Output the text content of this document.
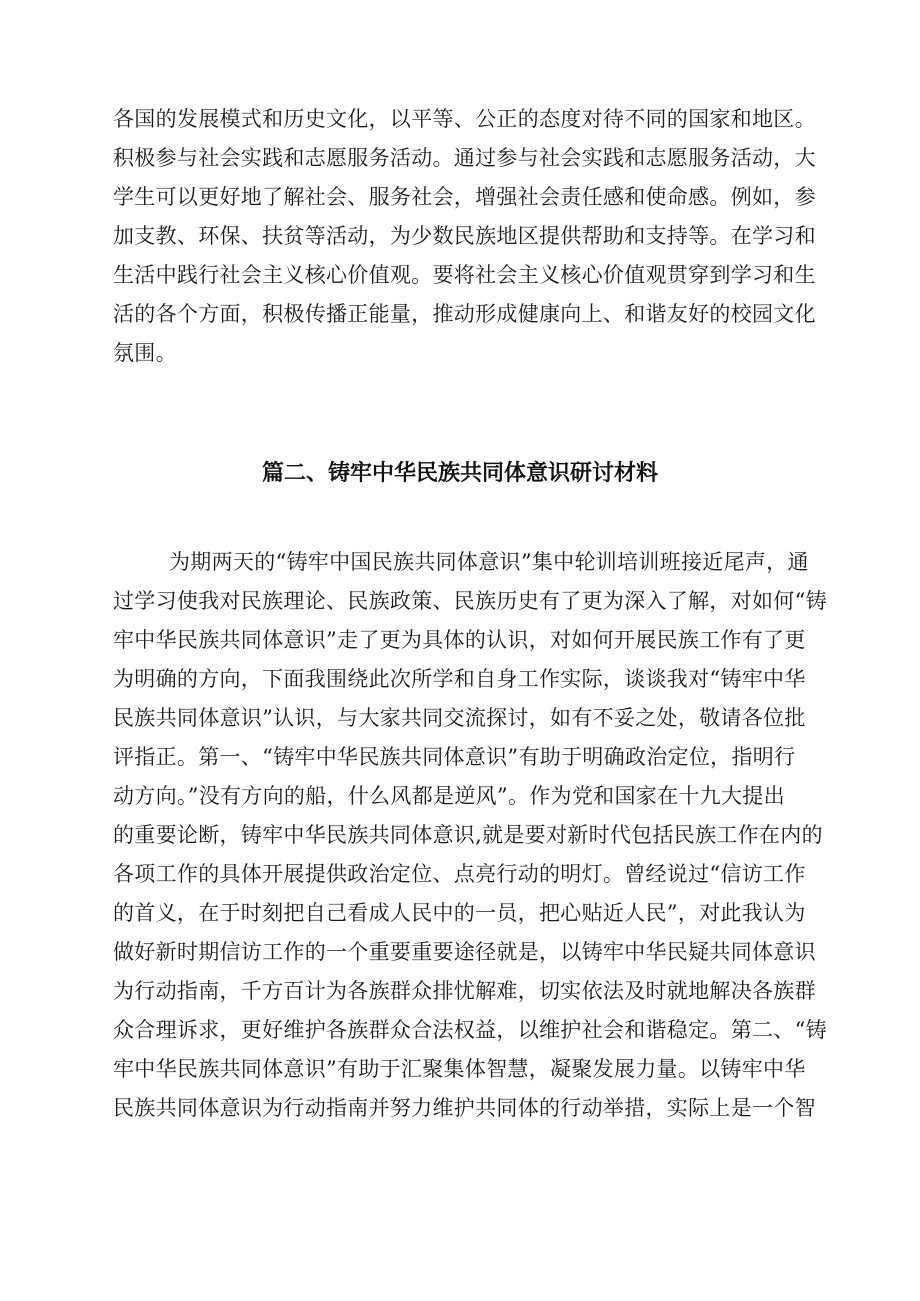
各国的发展模式和历史文化，以平等、公正的态度对待不同的国家和地区。
积极参与社会实践和志愿服务活动。通过参与社会实践和志愿服务活动，大
学生可以更好地了解社会、服务社会，增强社会责任感和使命感。例如，参
加支教、环保、扶贫等活动，为少数民族地区提供帮助和支持等。在学习和
生活中践行社会主义核心价值观。要将社会主义核心价值观贯穿到学习和生
活的各个方面，积极传播正能量，推动形成健康向上、和谐友好的校园文化
氛围。
篇二、铸牢中华民族共同体意识研讨材料
为期两天的“铸牢中国民族共同体意识”集中轮训培训班接近尾声，通
过学习使我对民族理论、民族政策、民族历史有了更为深入了解，对如何“铸
牢中华民族共同体意识”走了更为具体的认识，对如何开展民族工作有了更
为明确的方向，下面我围绕此次所学和自身工作实际，谈谈我对“铸牢中华
民族共同体意识”认识，与大家共同交流探讨，如有不妥之处，敬请各位批
评指正。第一、“铸牢中华民族共同体意识”有助于明确政治定位，指明行
动方向。”没有方向的船，什么风都是逆风”。作为党和国家在十九大提出
的重要论断，铸牢中华民族共同体意识,就是要对新时代包括民族工作在内的
各项工作的具体开展提供政治定位、点亮行动的明灯。曾经说过“信访工作
的首义，在于时刻把自己看成人民中的一员，把心贴近人民”，对此我认为
做好新时期信访工作的一个重要重要途径就是，以铸牢中华民疑共同体意识
为行动指南，千方百计为各族群众排忧解难，切实依法及时就地解决各族群
众合理诉求，更好维护各族群众合法权益，以维护社会和谐稳定。第二、“铸
牢中华民族共同体意识”有助于汇聚集体智慧，凝聚发展力量。以铸牢中华
民族共同体意识为行动指南并努力维护共同体的行动举措，实际上是一个智
